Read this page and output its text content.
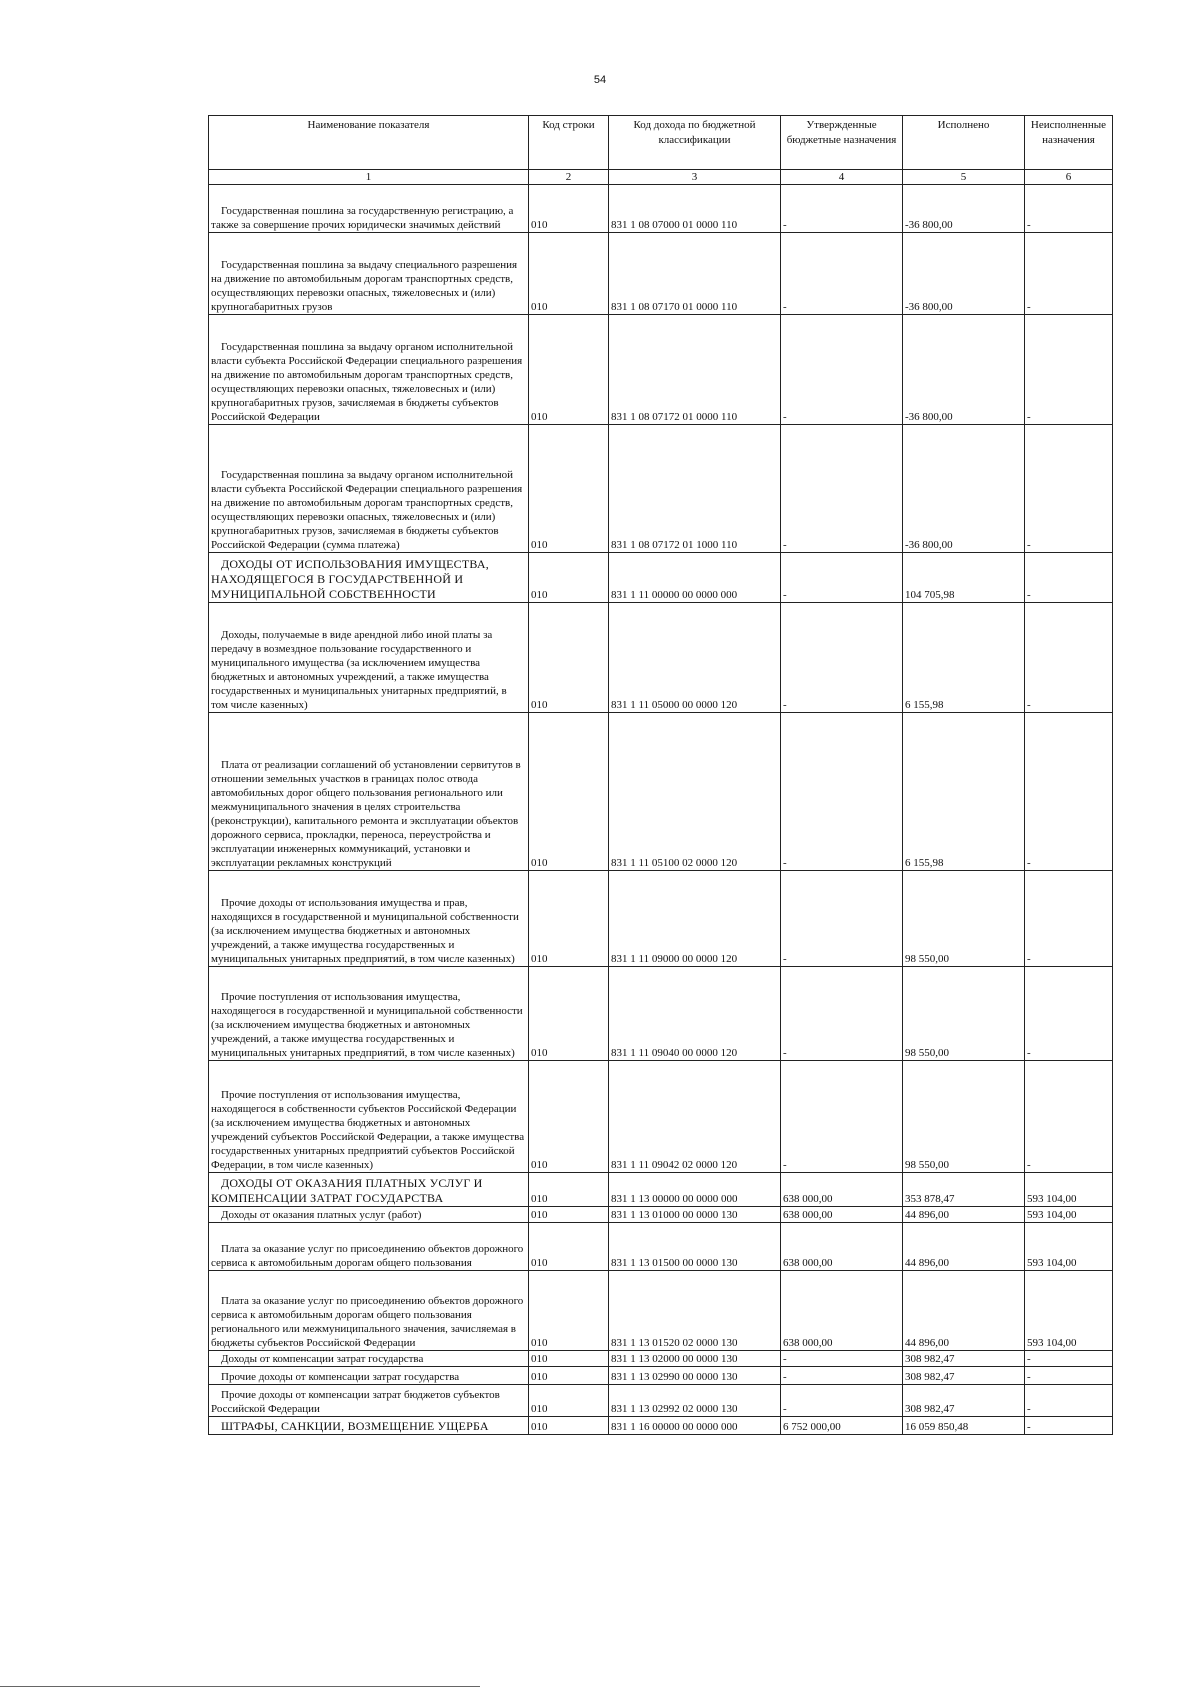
54
Наименование показателя	Код строки	Код дохода по бюджетной классификации	Утвержденные бюджетные назначения	Исполнено	Неисполненные назначения
1	2	3	4	5	6
Государственная пошлина за государственную регистрацию, а также за совершение прочих юридически значимых действий	010	831 1 08 07000 01 0000 110	-	-36 800,00	-
Государственная пошлина за выдачу специального разрешения на движение по автомобильным дорогам транспортных средств, осуществляющих перевозки опасных, тяжеловесных и (или) крупногабаритных грузов	010	831 1 08 07170 01 0000 110	-	-36 800,00	-
Государственная пошлина за выдачу органом исполнительной власти субъекта Российской Федерации специального разрешения на движение по автомобильным дорогам транспортных средств, осуществляющих перевозки опасных, тяжеловесных и (или) крупногабаритных грузов, зачисляемая в бюджеты субъектов Российской Федерации	010	831 1 08 07172 01 0000 110	-	-36 800,00	-
Государственная пошлина за выдачу органом исполнительной власти субъекта Российской Федерации специального разрешения на движение по автомобильным дорогам транспортных средств, осуществляющих перевозки опасных, тяжеловесных и (или) крупногабаритных грузов, зачисляемая в бюджеты субъектов Российской Федерации (сумма платежа)	010	831 1 08 07172 01 1000 110	-	-36 800,00	-
ДОХОДЫ ОТ ИСПОЛЬЗОВАНИЯ ИМУЩЕСТВА, НАХОДЯЩЕГОСЯ В ГОСУДАРСТВЕННОЙ И МУНИЦИПАЛЬНОЙ СОБСТВЕННОСТИ	010	831 1 11 00000 00 0000 000	-	104 705,98	-
Доходы, получаемые в виде арендной либо иной платы за передачу в возмездное пользование государственного и муниципального имущества (за исключением имущества бюджетных и автономных учреждений, а также имущества государственных и муниципальных унитарных предприятий, в том числе казенных)	010	831 1 11 05000 00 0000 120	-	6 155,98	-
Плата от реализации соглашений об установлении сервитутов в отношении земельных участков в границах полос отвода автомобильных дорог общего пользования регионального или межмуниципального значения в целях строительства (реконструкции), капитального ремонта и эксплуатации объектов дорожного сервиса, прокладки, переноса, переустройства и эксплуатации инженерных коммуникаций, установки и эксплуатации рекламных конструкций	010	831 1 11 05100 02 0000 120	-	6 155,98	-
Прочие доходы от использования имущества и прав, находящихся в государственной и муниципальной собственности (за исключением имущества бюджетных и автономных учреждений, а также имущества государственных и муниципальных унитарных предприятий, в том числе казенных)	010	831 1 11 09000 00 0000 120	-	98 550,00	-
Прочие поступления от использования имущества, находящегося в государственной и муниципальной собственности (за исключением имущества бюджетных и автономных учреждений, а также имущества государственных и муниципальных унитарных предприятий, в том числе казенных)	010	831 1 11 09040 00 0000 120	-	98 550,00	-
Прочие поступления от использования имущества, находящегося в собственности субъектов Российской Федерации (за исключением имущества бюджетных и автономных учреждений субъектов Российской Федерации, а также имущества государственных унитарных предприятий субъектов Российской Федерации, в том числе казенных)	010	831 1 11 09042 02 0000 120	-	98 550,00	-
ДОХОДЫ ОТ ОКАЗАНИЯ ПЛАТНЫХ УСЛУГ И КОМПЕНСАЦИИ ЗАТРАТ ГОСУДАРСТВА	010	831 1 13 00000 00 0000 000	638 000,00	353 878,47	593 104,00
Доходы от оказания платных услуг (работ)	010	831 1 13 01000 00 0000 130	638 000,00	44 896,00	593 104,00
Плата за оказание услуг по присоединению объектов дорожного сервиса к автомобильным дорогам общего пользования	010	831 1 13 01500 00 0000 130	638 000,00	44 896,00	593 104,00
Плата за оказание услуг по присоединению объектов дорожного сервиса к автомобильным дорогам общего пользования регионального или межмуниципального значения, зачисляемая в бюджеты субъектов Российской Федерации	010	831 1 13 01520 02 0000 130	638 000,00	44 896,00	593 104,00
Доходы от компенсации затрат государства	010	831 1 13 02000 00 0000 130	-	308 982,47	-
Прочие доходы от компенсации затрат государства	010	831 1 13 02990 00 0000 130	-	308 982,47	-
Прочие доходы от компенсации затрат бюджетов субъектов Российской Федерации	010	831 1 13 02992 02 0000 130	-	308 982,47	-
ШТРАФЫ, САНКЦИИ, ВОЗМЕЩЕНИЕ УЩЕРБА	010	831 1 16 00000 00 0000 000	6 752 000,00	16 059 850,48	-
